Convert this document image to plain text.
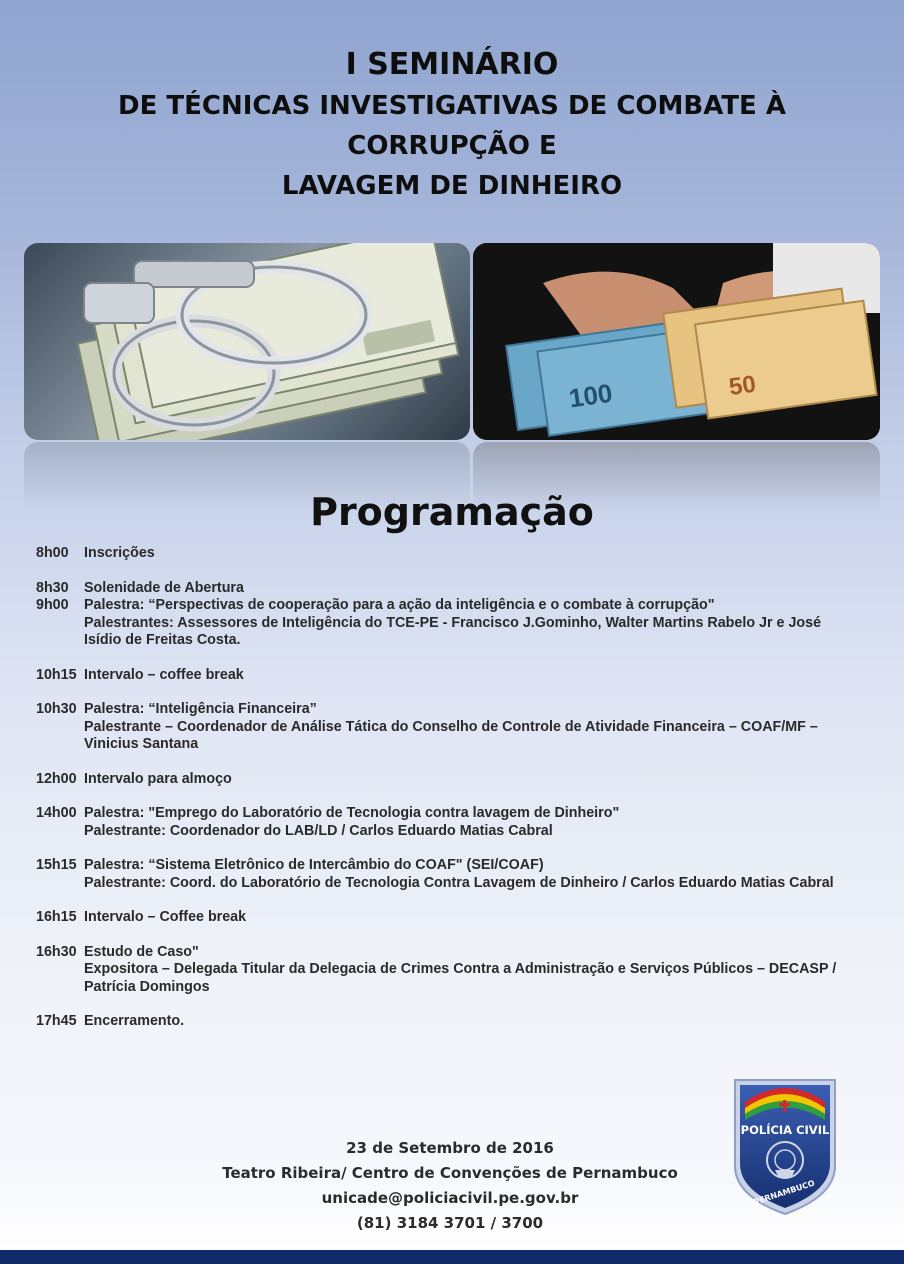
I SEMINÁRIO
DE TÉCNICAS INVESTIGATIVAS DE COMBATE À
CORRUPÇÃO E
LAVAGEM DE DINHEIRO
100	50
Programação
8h00 Inscrições
8h30 Solenidade de Abertura
9h00 Palestra: “Perspectivas de cooperação para a ação da inteligência e o combate à corrupção"
Palestrantes: Assessores de Inteligência do TCE-PE - Francisco J.Gominho, Walter Martins Rabelo Jr e José Isídio de Freitas Costa.
10h15 Intervalo – coffee break
10h30 Palestra: “Inteligência Financeira”
Palestrante – Coordenador de Análise Tática do Conselho de Controle de Atividade Financeira – COAF/MF – Vinicius Santana
12h00 Intervalo para almoço
14h00 Palestra: "Emprego do Laboratório de Tecnologia contra lavagem de Dinheiro"
Palestrante: Coordenador do LAB/LD / Carlos Eduardo Matias Cabral
15h15 Palestra: “Sistema Eletrônico de Intercâmbio do COAF" (SEI/COAF)
Palestrante: Coord. do Laboratório de Tecnologia Contra Lavagem de Dinheiro / Carlos Eduardo Matias Cabral
16h15 Intervalo – Coffee break
16h30 Estudo de Caso"
Expositora – Delegada Titular da Delegacia de Crimes Contra a Administração e Serviços Públicos – DECASP / Patrícia Domingos
17h45 Encerramento.
23 de Setembro de 2016
Teatro Ribeira/ Centro de Convenções de Pernambuco
unicade@policiacivil.pe.gov.br
(81) 3184 3701 / 3700
POLÍCIA CIVIL
PERNAMBUCO
